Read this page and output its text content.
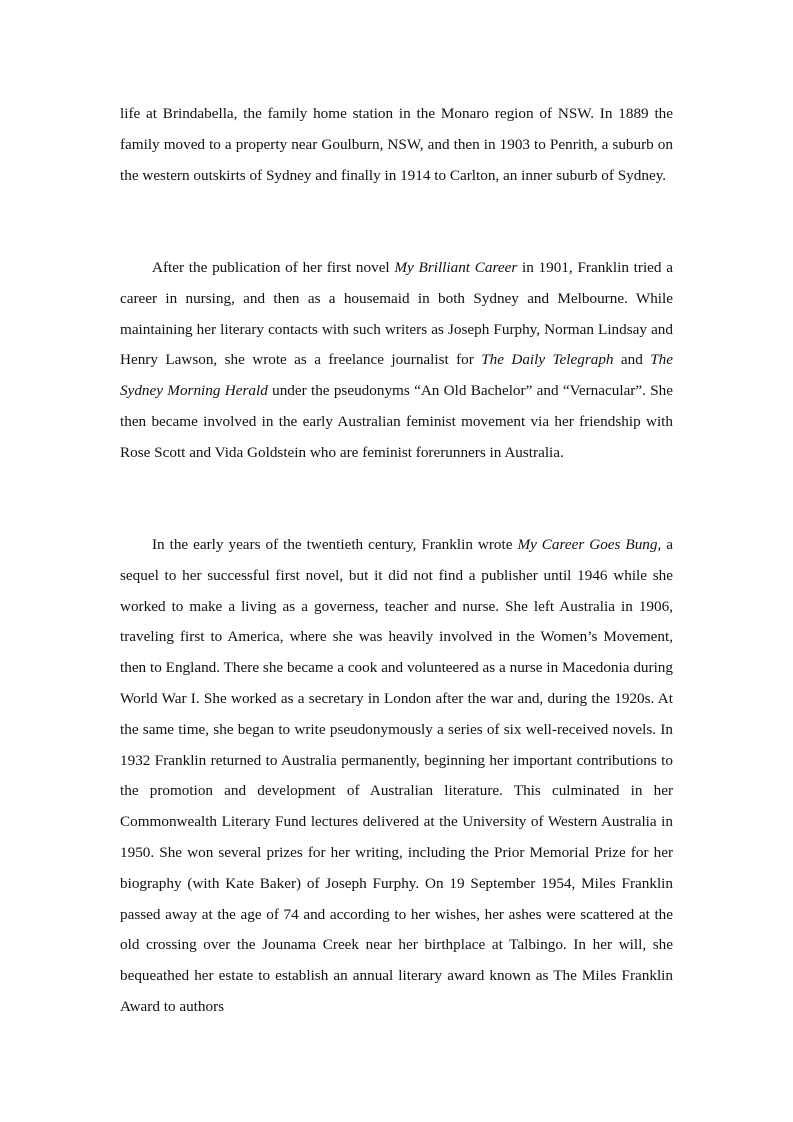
life at Brindabella, the family home station in the Monaro region of NSW. In 1889 the family moved to a property near Goulburn, NSW, and then in 1903 to Penrith, a suburb on the western outskirts of Sydney and finally in 1914 to Carlton, an inner suburb of Sydney.

After the publication of her first novel My Brilliant Career in 1901, Franklin tried a career in nursing, and then as a housemaid in both Sydney and Melbourne. While maintaining her literary contacts with such writers as Joseph Furphy, Norman Lindsay and Henry Lawson, she wrote as a freelance journalist for The Daily Telegraph and The Sydney Morning Herald under the pseudonyms “An Old Bachelor” and “Vernacular”. She then became involved in the early Australian feminist movement via her friendship with Rose Scott and Vida Goldstein who are feminist forerunners in Australia.

In the early years of the twentieth century, Franklin wrote My Career Goes Bung, a sequel to her successful first novel, but it did not find a publisher until 1946 while she worked to make a living as a governess, teacher and nurse. She left Australia in 1906, traveling first to America, where she was heavily involved in the Women’s Movement, then to England. There she became a cook and volunteered as a nurse in Macedonia during World War I. She worked as a secretary in London after the war and, during the 1920s. At the same time, she began to write pseudonymously a series of six well-received novels. In 1932 Franklin returned to Australia permanently, beginning her important contributions to the promotion and development of Australian literature. This culminated in her Commonwealth Literary Fund lectures delivered at the University of Western Australia in 1950. She won several prizes for her writing, including the Prior Memorial Prize for her biography (with Kate Baker) of Joseph Furphy. On 19 September 1954, Miles Franklin passed away at the age of 74 and according to her wishes, her ashes were scattered at the old crossing over the Jounama Creek near her birthplace at Talbingo. In her will, she bequeathed her estate to establish an annual literary award known as The Miles Franklin Award to authors
